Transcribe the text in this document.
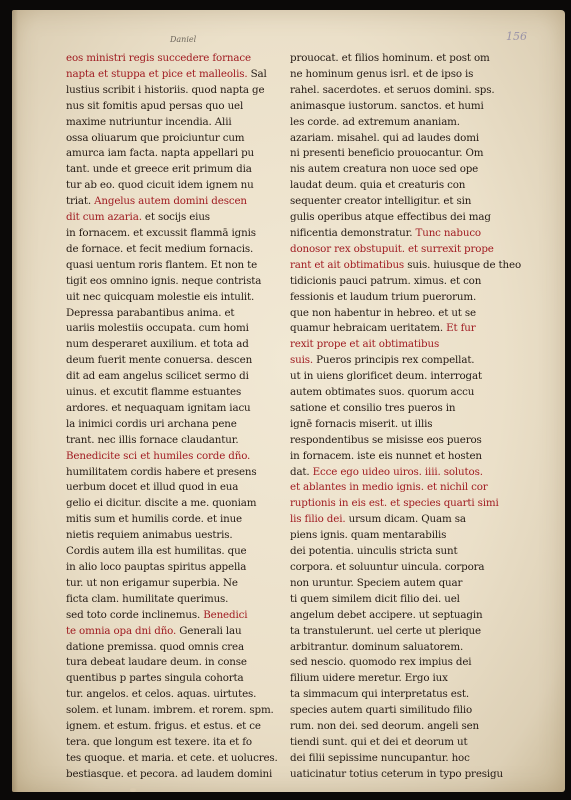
156
Daniel
eos ministri regis succedere fornace
napta et stuppa et pice et malleolis. Sal
lustius scribit i historiis. quod napta ge
nus sit fomitis apud persas quo uel
maxime nutriuntur incendia. Alii
ossa oliuarum que proiciuntur cum
amurca iam facta. napta appellari pu
tant. unde et greece erit primum dia
tur ab eo. quod cicuit idem ignem nu
triat. Angelus autem domini descen
dit cum azaria. et socijs eius
in fornacem. et excussit flammā ignis
de fornace. et fecit medium fornacis.
quasi uentum roris flantem. Et non te
tigit eos omnino ignis. neque contrista
uit nec quicquam molestie eis intulit.
Depressa parabantibus anima. et
uariis molestiis occupata. cum homi
num desperaret auxilium. et tota ad
deum fuerit mente conuersa. descen
dit ad eam angelus scilicet sermo di
uinus. et excutit flamme estuantes
ardores. et nequaquam ignitam iacu
la inimici cordis uri archana pene
trant. nec illis fornace claudantur.
Benedicite sci et humiles corde dño.
humilitatem cordis habere et presens
uerbum docet et illud quod in eua
gelio ei dicitur. discite a me. quoniam
mitis sum et humilis corde. et inue
nietis requiem animabus uestris.
Cordis autem illa est humilitas. que
in alio loco pauptas spiritus appella
tur. ut non erigamur superbia. Ne
ficta clam. humilitate querimus.
sed toto corde inclinemus. Benedici
te omnia opa dni dño. Generali lau
datione premissa. quod omnis crea
tura debeat laudare deum. in conse
quentibus p partes singula cohorta
tur. angelos. et celos. aquas. uirtutes.
solem. et lunam. imbrem. et rorem. spm.
ignem. et estum. frigus. et estus. et ce
tera. que longum est texere. ita et fo
tes quoque. et maria. et cete. et uolucres.
bestiasque. et pecora. ad laudem domini
prouocat. et filios hominum. et post om
ne hominum genus isrl. et de ipso is
rahel. sacerdotes. et seruos domini. sps.
animasque iustorum. sanctos. et humi
les corde. ad extremum ananiam.
azariam. misahel. qui ad laudes domi
ni presenti beneficio prouocantur. Om
nis autem creatura non uoce sed ope
laudat deum. quia et creaturis con
sequenter creator intelligitur. et sin
gulis operibus atque effectibus dei mag
nificentia demonstratur. Tunc nabuco
donosor rex obstupuit. et surrexit prope
rant et ait obtimatibus suis. huiusque de theo
tidicionis pauci patrum. ximus. et con
fessionis et laudum trium puerorum.
que non habentur in hebreo. et ut se
quamur hebraicam ueritatem. Et fur
rexit prope et ait obtimatibus
suis. Pueros principis rex compellat.
ut in uiens glorificet deum. interrogat
autem obtimates suos. quorum accu
satione et consilio tres pueros in
ignē fornacis miserit. ut illis
respondentibus se misisse eos pueros
in fornacem. iste eis nunnet et hosten
dat. Ecce ego uideo uiros. iiii. solutos.
et ablantes in medio ignis. et nichil cor
ruptionis in eis est. et species quarti simi
lis filio dei. ursum dicam. Quam sa
piens ignis. quam mentarabilis
dei potentia. uinculis stricta sunt
corpora. et soluuntur uincula. corpora
non uruntur. Speciem autem quar
ti quem similem dicit filio dei. uel
angelum debet accipere. ut septuagin
ta transtulerunt. uel certe ut plerique
arbitrantur. dominum saluatorem.
sed nescio. quomodo rex impius dei
filium uidere meretur. Ergo iux
ta simmacum qui interpretatus est.
species autem quarti similitudo filio
rum. non dei. sed deorum. angeli sen
tiendi sunt. qui et dei et deorum ut
dei filii sepissime nuncupantur. hoc
uaticinatur totius ceterum in typo presigu
